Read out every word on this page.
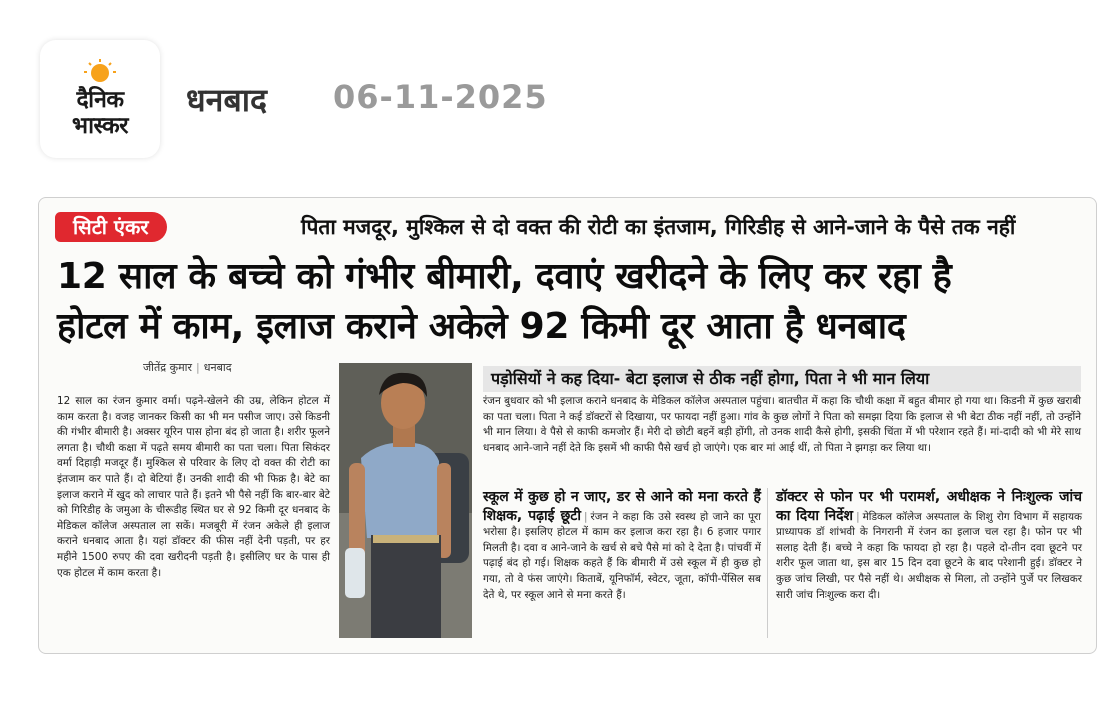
दैनिक
भास्कर
धनबाद 06-11-2025
सिटी एंकर	पिता मजदूर, मुश्किल से दो वक्त की रोटी का इंतजाम, गिरिडीह से आने-जाने के पैसे तक नहीं
12 साल के बच्चे को गंभीर बीमारी, दवाएं खरीदने के लिए कर रहा है
होटल में काम, इलाज कराने अकेले 92 किमी दूर आता है धनबाद
जीतेंद्र कुमार | धनबाद
12 साल का रंजन कुमार वर्मा। पढ़ने-खेलने की उम्र, लेकिन होटल में काम करता है। वजह जानकर किसी का भी मन पसीज जाए। उसे किडनी की गंभीर बीमारी है। अक्सर यूरिन पास होना बंद हो जाता है। शरीर फूलने लगता है। चौथी कक्षा में पढ़ते समय बीमारी का पता चला। पिता सिकंदर वर्मा दिहाड़ी मजदूर हैं। मुश्किल से परिवार के लिए दो वक्त की रोटी का इंतजाम कर पाते हैं। दो बेटियां हैं। उनकी शादी की भी फिक्र है। बेटे का इलाज कराने में खुद को लाचार पाते हैं। इतने भी पैसे नहीं कि बार-बार बेटे को गिरिडीह के जमुआ के चीरूडीह स्थित घर से 92 किमी दूर धनबाद के मेडिकल कॉलेज अस्पताल ला सकें। मजबूरी में रंजन अकेले ही इलाज कराने धनबाद आता है। यहां डॉक्टर की फीस नहीं देनी पड़ती, पर हर महीने 1500 रुपए की दवा खरीदनी पड़ती है। इसीलिए घर के पास ही एक होटल में काम करता है।
पड़ोसियों ने कह दिया- बेटा इलाज से ठीक नहीं होगा, पिता ने भी मान लिया
रंजन बुधवार को भी इलाज कराने धनबाद के मेडिकल कॉलेज अस्पताल पहुंचा। बातचीत में कहा कि चौथी कक्षा में बहुत बीमार हो गया था। किडनी में कुछ खराबी का पता चला। पिता ने कई डॉक्टरों से दिखाया, पर फायदा नहीं हुआ। गांव के कुछ लोगों ने पिता को समझा दिया कि इलाज से भी बेटा ठीक नहीं नहीं, तो उन्होंने भी मान लिया। वे पैसे से काफी कमजोर हैं। मेरी दो छोटी बहनें बड़ी होंगी, तो उनक शादी कैसे होगी, इसकी चिंता में भी परेशान रहते हैं। मां-दादी को भी मेरे साथ धनबाद आने-जाने नहीं देते कि इसमें भी काफी पैसे खर्च हो जाएंगे। एक बार मां आई थीं, तो पिता ने झगड़ा कर लिया था।
स्कूल में कुछ हो न जाए, डर से आने को मना करते हैं शिक्षक, पढ़ाई छूटी | रंजन ने कहा कि उसे स्वस्थ हो जाने का पूरा भरोसा है। इसलिए होटल में काम कर इलाज करा रहा है। 6 हजार पगार मिलती है। दवा व आने-जाने के खर्च से बचे पैसे मां को दे देता है। पांचवीं में पढ़ाई बंद हो गई। शिक्षक कहते हैं कि बीमारी में उसे स्कूल में ही कुछ हो गया, तो वे फंस जाएंगे। किताबें, यूनिफॉर्म, स्वेटर, जूता, कॉपी-पेंसिल सब देते थे, पर स्कूल आने से मना करते हैं।
डॉक्टर से फोन पर भी परामर्श, अधीक्षक ने निःशुल्क जांच का दिया निर्देश | मेडिकल कॉलेज अस्पताल के शिशु रोग विभाग में सहायक प्राध्यापक डॉ शांभवी के निगरानी में रंजन का इलाज चल रहा है। फोन पर भी सलाह देती हैं। बच्चे ने कहा कि फायदा हो रहा है। पहले दो-तीन दवा छूटने पर शरीर फूल जाता था, इस बार 15 दिन दवा छूटने के बाद परेशानी हुई। डॉक्टर ने कुछ जांच लिखी, पर पैसे नहीं थे। अधीक्षक से मिला, तो उन्होंने पुर्जे पर लिखकर सारी जांच निःशुल्क करा दी।
